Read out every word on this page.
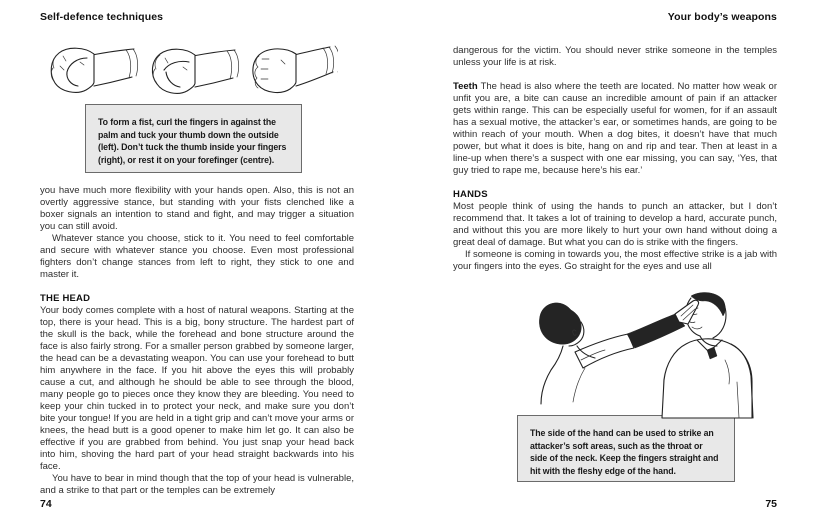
Self-defence techniques

To form a fist, curl the fingers in against the palm and tuck your thumb down the outside (left). Don’t tuck the thumb inside your fingers (right), or rest it on your forefinger (centre).

you have much more flexibility with your hands open. Also, this is not an overtly aggressive stance, but standing with your fists clenched like a boxer signals an intention to stand and fight, and may trigger a situation you can still avoid.

Whatever stance you choose, stick to it. You need to feel comfortable and secure with whatever stance you choose. Even most professional fighters don’t change stances from left to right, they stick to one and master it.

THE HEAD

Your body comes complete with a host of natural weapons. Starting at the top, there is your head. This is a big, bony structure. The hardest part of the skull is the back, while the forehead and bone structure around the face is also fairly strong. For a smaller person grabbed by someone larger, the head can be a devastating weapon. You can use your forehead to butt him anywhere in the face. If you hit above the eyes this will probably cause a cut, and although he should be able to see through the blood, many people go to pieces once they know they are bleeding. You need to keep your chin tucked in to protect your neck, and make sure you don’t bite your tongue! If you are held in a tight grip and can’t move your arms or knees, the head butt is a good opener to make him let go. It can also be effective if you are grabbed from behind. You just snap your head back into him, shoving the hard part of your head straight backwards into his face.

You have to bear in mind though that the top of your head is vulnerable, and a strike to that part or the temples can be extremely

74
Your body’s weapons

dangerous for the victim. You should never strike someone in the temples unless your life is at risk.

Teeth The head is also where the teeth are located. No matter how weak or unfit you are, a bite can cause an incredible amount of pain if an attacker gets within range. This can be especially useful for women, for if an assault has a sexual motive, the attacker’s ear, or sometimes hands, are going to be within reach of your mouth. When a dog bites, it doesn’t have that much power, but what it does is bite, hang on and rip and tear. Then at least in a line-up when there’s a suspect with one ear missing, you can say, ‘Yes, that guy tried to rape me, because here’s his ear.’

HANDS

Most people think of using the hands to punch an attacker, but I don’t recommend that. It takes a lot of training to develop a hard, accurate punch, and without this you are more likely to hurt your own hand without doing a great deal of damage. But what you can do is strike with the fingers.

If someone is coming in towards you, the most effective strike is a jab with your fingers into the eyes. Go straight for the eyes and use all

The side of the hand can be used to strike an attacker’s soft areas, such as the throat or side of the neck. Keep the fingers straight and hit with the fleshy edge of the hand.

75
